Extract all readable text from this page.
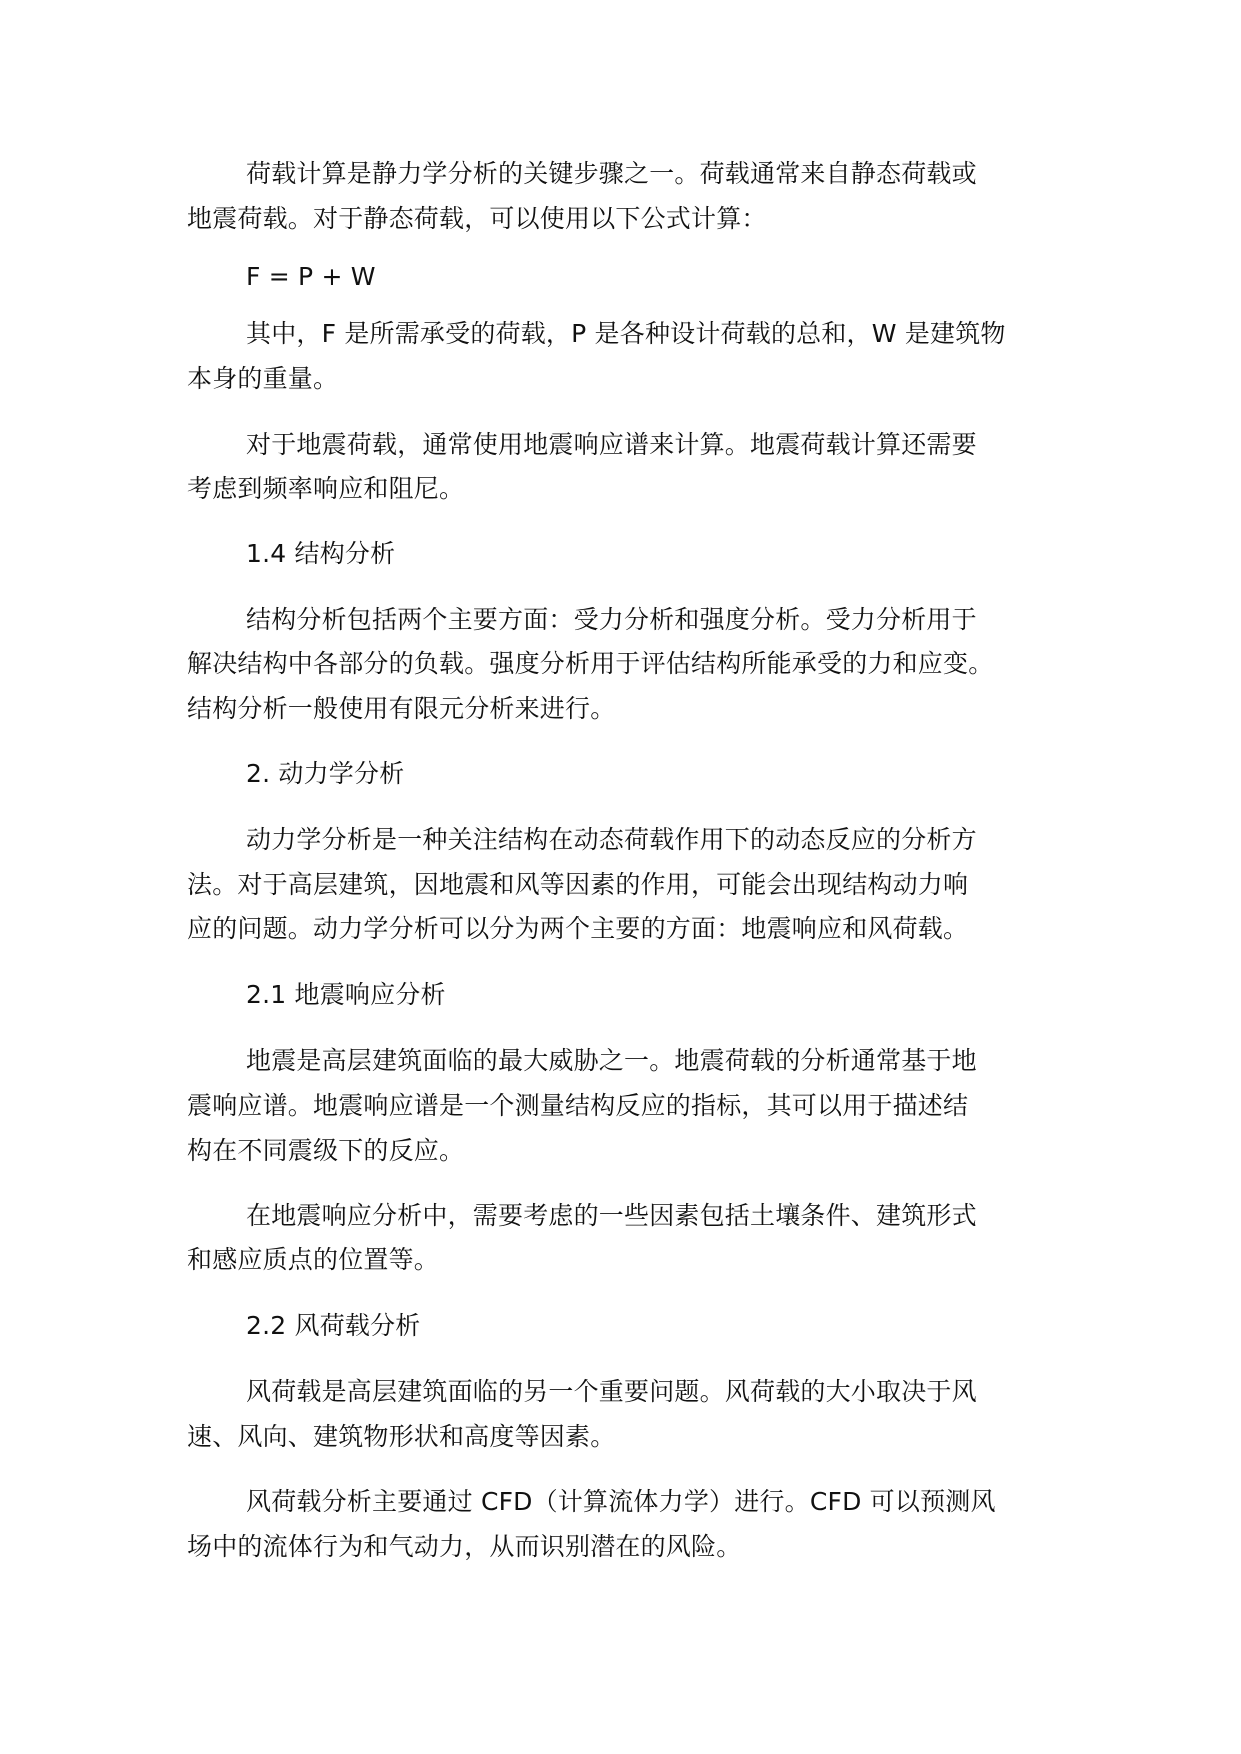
荷载计算是静力学分析的关键步骤之一。荷载通常来自静态荷载或
地震荷载。对于静态荷载，可以使用以下公式计算：
F = P + W
其中，F 是所需承受的荷载，P 是各种设计荷载的总和，W 是建筑物
本身的重量。
对于地震荷载，通常使用地震响应谱来计算。地震荷载计算还需要
考虑到频率响应和阻尼。
1.4 结构分析
结构分析包括两个主要方面：受力分析和强度分析。受力分析用于
解决结构中各部分的负载。强度分析用于评估结构所能承受的力和应变。
结构分析一般使用有限元分析来进行。
2. 动力学分析
动力学分析是一种关注结构在动态荷载作用下的动态反应的分析方
法。对于高层建筑，因地震和风等因素的作用，可能会出现结构动力响
应的问题。动力学分析可以分为两个主要的方面：地震响应和风荷载。
2.1 地震响应分析
地震是高层建筑面临的最大威胁之一。地震荷载的分析通常基于地
震响应谱。地震响应谱是一个测量结构反应的指标，其可以用于描述结
构在不同震级下的反应。
在地震响应分析中，需要考虑的一些因素包括土壤条件、建筑形式
和感应质点的位置等。
2.2 风荷载分析
风荷载是高层建筑面临的另一个重要问题。风荷载的大小取决于风
速、风向、建筑物形状和高度等因素。
风荷载分析主要通过 CFD（计算流体力学）进行。CFD 可以预测风
场中的流体行为和气动力，从而识别潜在的风险。
